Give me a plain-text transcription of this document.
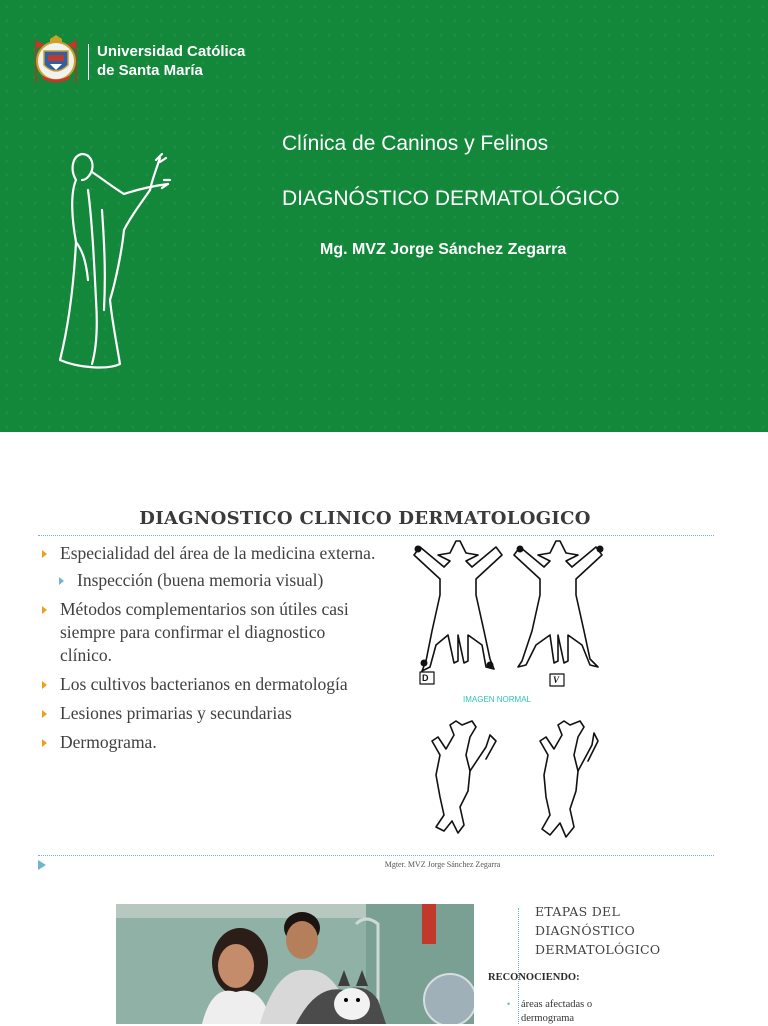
Universidad Católica
de Santa María
Clínica de Caninos y Felinos
DIAGNÓSTICO DERMATOLÓGICO
Mg. MVZ Jorge Sánchez Zegarra
DIAGNOSTICO CLINICO DERMATOLOGICO
Especialidad del área de la medicina externa.
Inspección (buena memoria visual)
Métodos complementarios son útiles casi siempre para confirmar el diagnostico clínico.
Los cultivos bacterianos en dermatología
Lesiones primarias y secundarias
Dermograma.
D	V
IMAGEN NORMAL
Mgter. MVZ Jorge Sánchez Zegarra
ETAPAS DEL DIAGNÓSTICO DERMATOLÓGICO
RECONOCIENDO:
• áreas afectadas o dermograma
